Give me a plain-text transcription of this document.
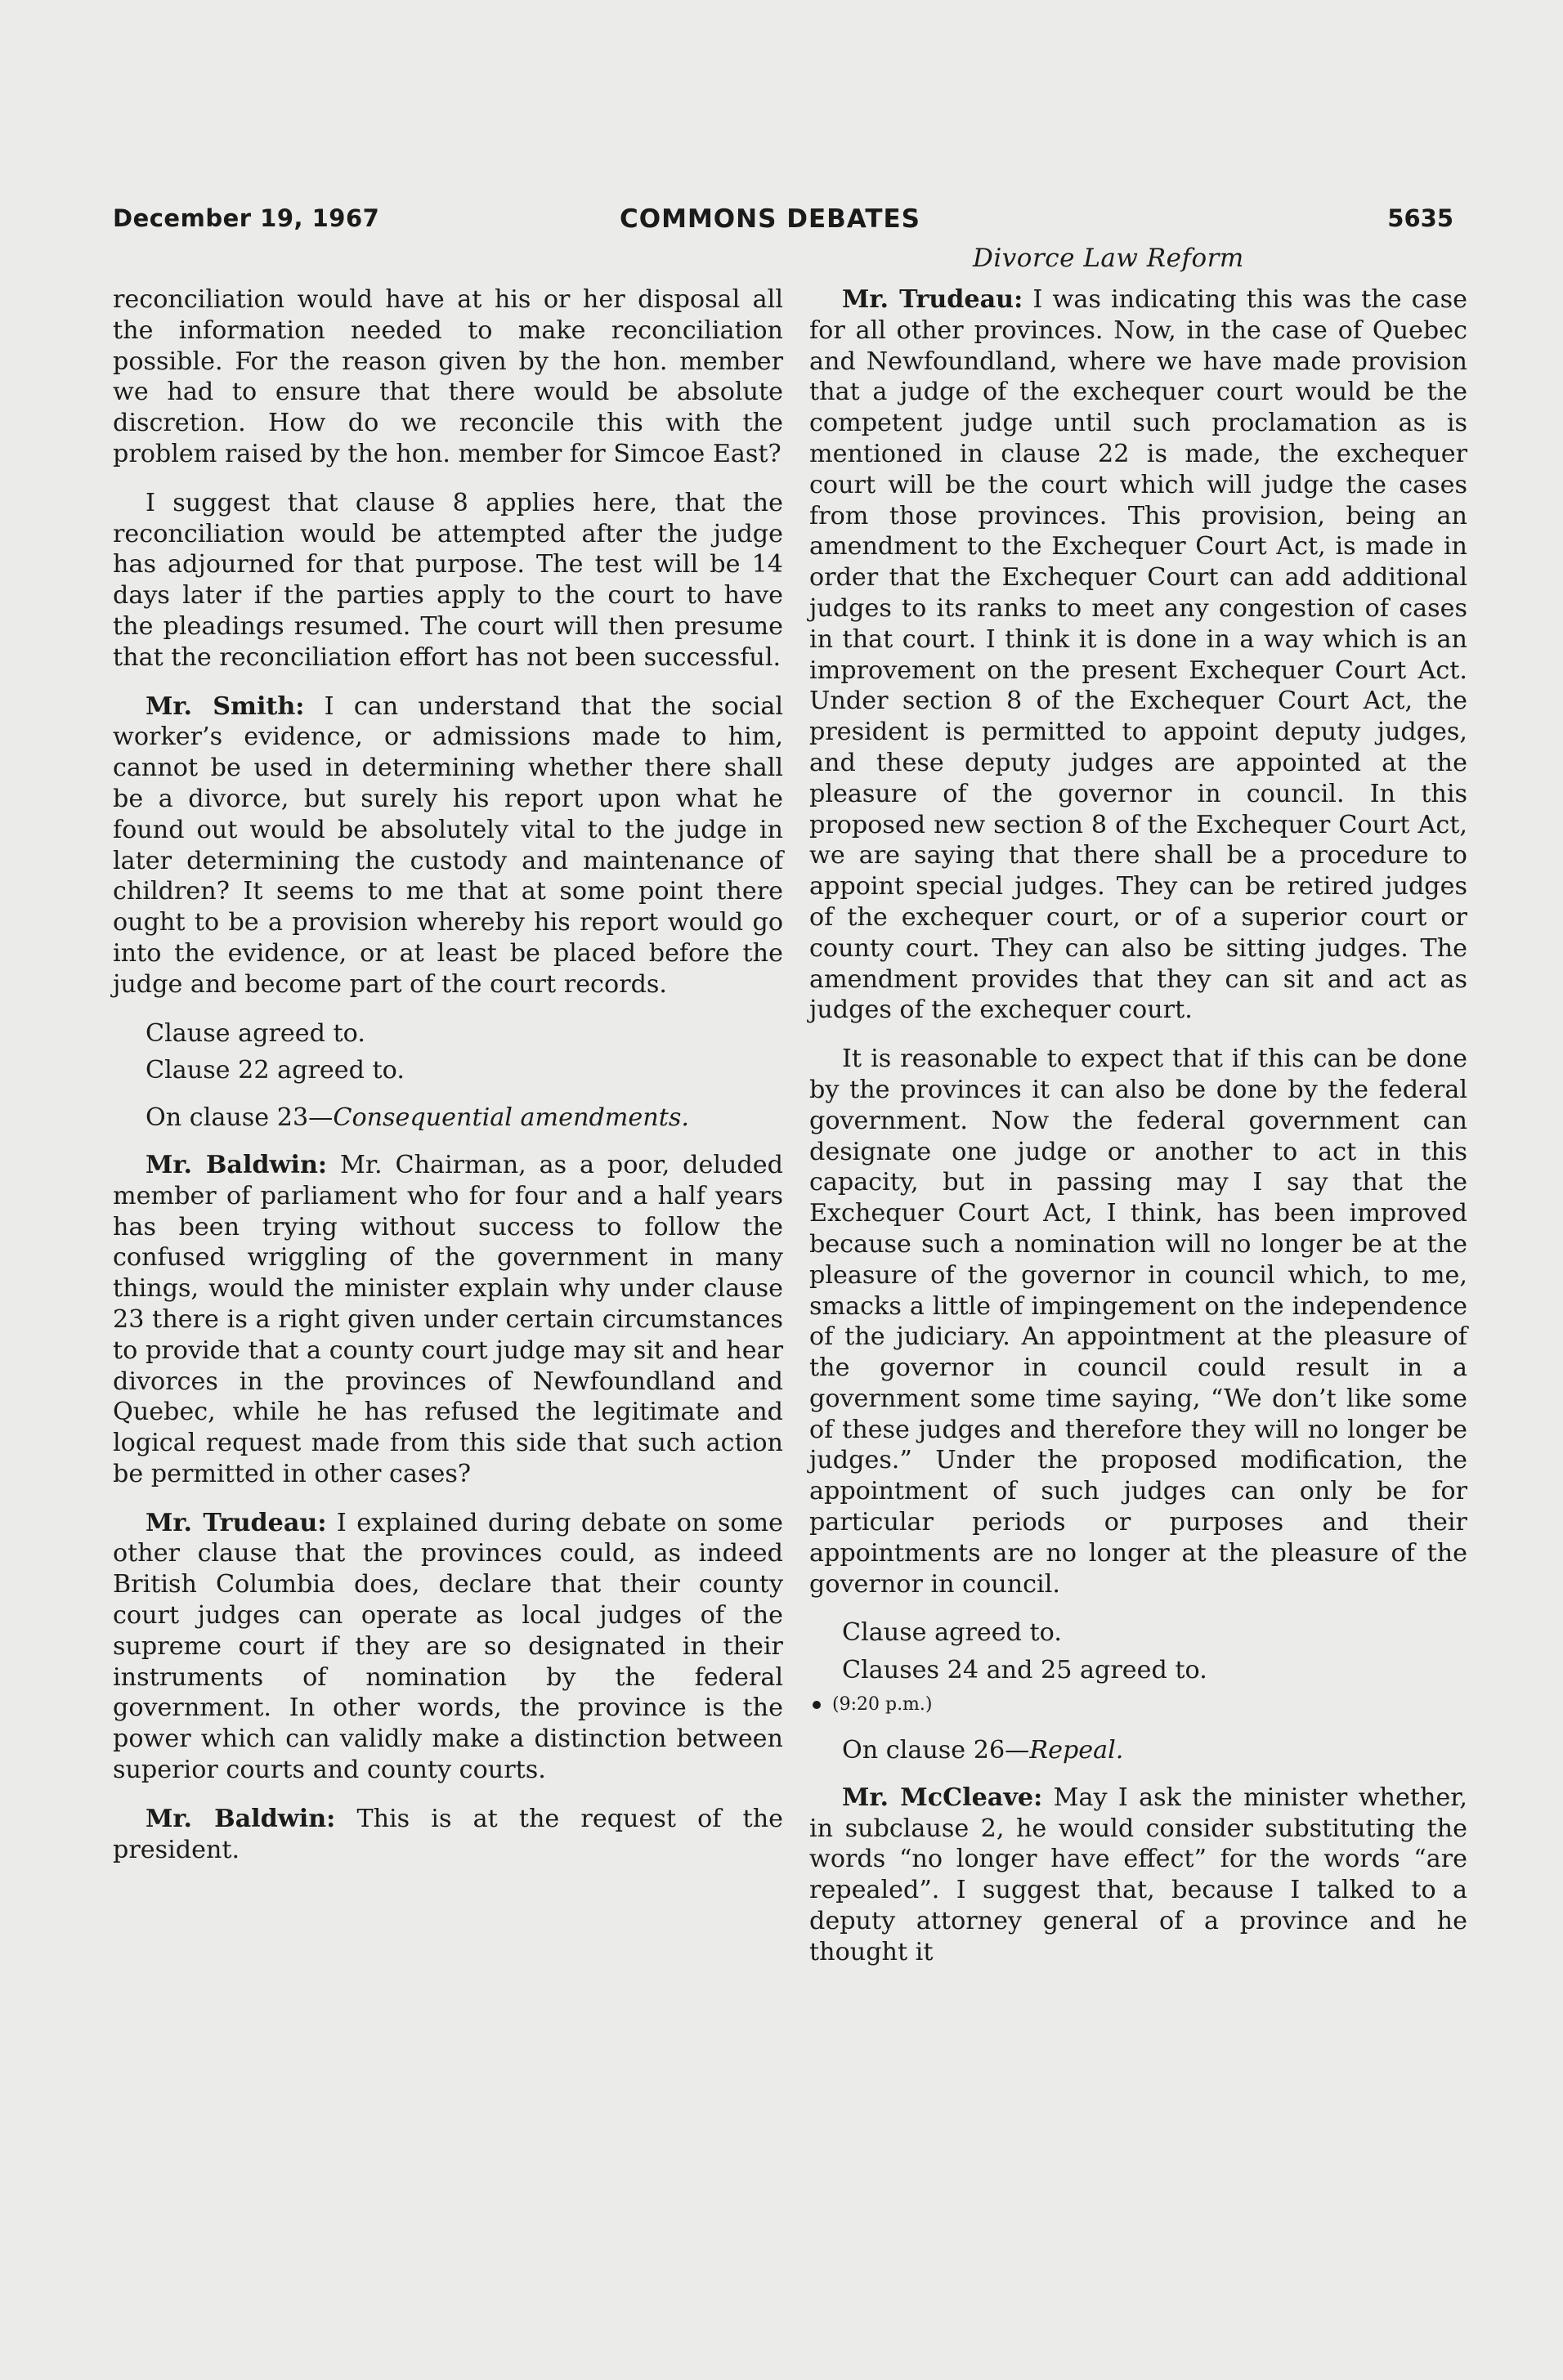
December 19, 1967	COMMONS DEBATES	5635
Divorce Law Reform

reconciliation would have at his or her disposal all the information needed to make reconciliation possible. For the reason given by the hon. member we had to ensure that there would be absolute discretion. How do we reconcile this with the problem raised by the hon. member for Simcoe East?

I suggest that clause 8 applies here, that the reconciliation would be attempted after the judge has adjourned for that purpose. The test will be 14 days later if the parties apply to the court to have the pleadings resumed. The court will then presume that the reconciliation effort has not been successful.

Mr. Smith: I can understand that the social worker’s evidence, or admissions made to him, cannot be used in determining whether there shall be a divorce, but surely his report upon what he found out would be absolutely vital to the judge in later determining the custody and maintenance of children? It seems to me that at some point there ought to be a provision whereby his report would go into the evidence, or at least be placed before the judge and become part of the court records.

Clause agreed to.

Clause 22 agreed to.

On clause 23—Consequential amendments.

Mr. Baldwin: Mr. Chairman, as a poor, deluded member of parliament who for four and a half years has been trying without success to follow the confused wriggling of the government in many things, would the minister explain why under clause 23 there is a right given under certain circumstances to provide that a county court judge may sit and hear divorces in the provinces of Newfoundland and Quebec, while he has refused the legitimate and logical request made from this side that such action be permitted in other cases?

Mr. Trudeau: I explained during debate on some other clause that the provinces could, as indeed British Columbia does, declare that their county court judges can operate as local judges of the supreme court if they are so designated in their instruments of nomination by the federal government. In other words, the province is the power which can validly make a distinction between superior courts and county courts.

Mr. Baldwin: This is at the request of the president.

Mr. Trudeau: I was indicating this was the case for all other provinces. Now, in the case of Quebec and Newfoundland, where we have made provision that a judge of the exchequer court would be the competent judge until such proclamation as is mentioned in clause 22 is made, the exchequer court will be the court which will judge the cases from those provinces. This provision, being an amendment to the Exchequer Court Act, is made in order that the Exchequer Court can add additional judges to its ranks to meet any congestion of cases in that court. I think it is done in a way which is an improvement on the present Exchequer Court Act. Under section 8 of the Exchequer Court Act, the president is permitted to appoint deputy judges, and these deputy judges are appointed at the pleasure of the governor in council. In this proposed new section 8 of the Exchequer Court Act, we are saying that there shall be a procedure to appoint special judges. They can be retired judges of the exchequer court, or of a superior court or county court. They can also be sitting judges. The amendment provides that they can sit and act as judges of the exchequer court.

It is reasonable to expect that if this can be done by the provinces it can also be done by the federal government. Now the federal government can designate one judge or another to act in this capacity, but in passing may I say that the Exchequer Court Act, I think, has been improved because such a nomination will no longer be at the pleasure of the governor in council which, to me, smacks a little of impingement on the independence of the judiciary. An appointment at the pleasure of the governor in council could result in a government some time saying, “We don’t like some of these judges and therefore they will no longer be judges.” Under the proposed modification, the appointment of such judges can only be for particular periods or purposes and their appointments are no longer at the pleasure of the governor in council.

Clause agreed to.

Clauses 24 and 25 agreed to.

(9:20 p.m.)

On clause 26—Repeal.

Mr. McCleave: May I ask the minister whether, in subclause 2, he would consider substituting the words “no longer have effect” for the words “are repealed”. I suggest that, because I talked to a deputy attorney general of a province and he thought it
